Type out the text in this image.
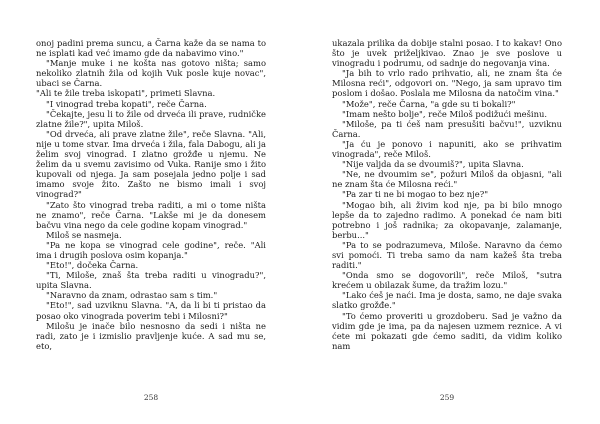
onoj padini prema suncu, a Čarna kaže da se nama to ne isplati kad već imamo gde da nabavimo vino."

"Manje muke i ne košta nas gotovo ništa; samo nekoliko zlatnih žila od kojih Vuk posle kuje novac", ubaci se Čarna.

"Ali te žile treba iskopati", primeti Slavna.

"I vinograd treba kopati", reče Čarna.

"Čekajte, jesu li to žile od drveća ili prave, rudničke zlatne žile?", upita Miloš.

"Od drveća, ali prave zlatne žile", reče Slavna. "Ali, nije u tome stvar. Ima drveća i žila, fala Dabogu, ali ja želim svoj vinograd. I zlatno grožđe u njemu. Ne želim da u svemu zavisimo od Vuka. Ranije smo i žito kupovali od njega. Ja sam posejala jedno polje i sad imamo svoje žito. Zašto ne bismo imali i svoj vinograd?"

"Zato što vinograd treba raditi, a mi o tome ništa ne znamo", reče Čarna. "Lakše mi je da donesem bačvu vina nego da cele godine kopam vinograd."

Miloš se nasmeja.

"Pa ne kopa se vinograd cele godine", reče. "Ali ima i drugih poslova osim kopanja."

"Eto!", dočeka Čarna.

"Ti, Miloše, znaš šta treba raditi u vinogradu?", upita Slavna.

"Naravno da znam, odrastao sam s tim."

"Eto!", sad uzviknu Slavna. "A, da li bi ti pristao da posao oko vinograda poverim tebi i Milosni?"

Milošu je inače bilo nesnosno da sedi i ništa ne radi, zato je i izmislio pravljenje kuće. A sad mu se, eto,

258

ukazala prilika da dobije stalni posao. I to kakav! Ono što je uvek priželjkivao. Znao je sve poslove u vinogradu i podrumu, od sadnje do negovanja vina.

"Ja bih to vrlo rado prihvatio, ali, ne znam šta će Milosna reći", odgovori on. "Nego, ja sam upravo tim poslom i došao. Poslala me Milosna da natočim vina."

"Može", reče Čarna, "a gde su ti bokali?"

"Imam nešto bolje", reče Miloš podižući mešinu.

"Miloše, pa ti ćeš nam presušiti bačvu!", uzviknu Čarna.

"Ja ću je ponovo i napuniti, ako se prihvatim vinograda", reče Miloš.

"Nije valjda da se dvoumiš?", upita Slavna.

"Ne, ne dvoumim se", požuri Miloš da objasni, "ali ne znam šta će Milosna reći."

"Pa zar ti ne bi mogao to bez nje?"

"Mogao bih, ali živim kod nje, pa bi bilo mnogo lepše da to zajedno radimo. A ponekad će nam biti potrebno i još radnika; za okopavanje, zalamanje, berbu..."

"Pa to se podrazumeva, Miloše. Naravno da ćemo svi pomoći. Ti treba samo da nam kažeš šta treba raditi."

"Onda smo se dogovorili", reče Miloš, "sutra krećem u obilazak šume, da tražim lozu."

"Lako ćeš je naći. Ima je dosta, samo, ne daje svaka slatko grožđe."

"To ćemo proveriti u grozdoberu. Sad je važno da vidim gde je ima, pa da najesen uzmem reznice. A vi ćete mi pokazati gde ćemo saditi, da vidim koliko nam

259
